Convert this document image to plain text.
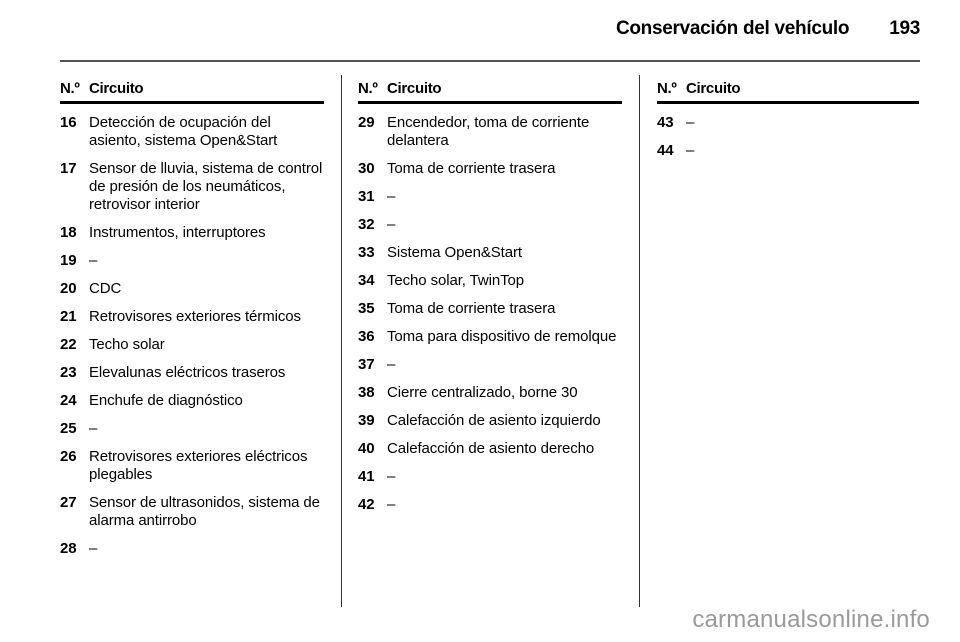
Conservación del vehículo 193
N.º Circuito
16 Detección de ocupación del asiento, sistema Open&Start
17 Sensor de lluvia, sistema de control de presión de los neumáticos, retrovisor interior
18 Instrumentos, interruptores
19 –
20 CDC
21 Retrovisores exteriores térmicos
22 Techo solar
23 Elevalunas eléctricos traseros
24 Enchufe de diagnóstico
25 –
26 Retrovisores exteriores eléctricos plegables
27 Sensor de ultrasonidos, sistema de alarma antirrobo
28 –
N.º Circuito
29 Encendedor, toma de corriente delantera
30 Toma de corriente trasera
31 –
32 –
33 Sistema Open&Start
34 Techo solar, TwinTop
35 Toma de corriente trasera
36 Toma para dispositivo de remolque
37 –
38 Cierre centralizado, borne 30
39 Calefacción de asiento izquierdo
40 Calefacción de asiento derecho
41 –
42 –
N.º Circuito
43 –
44 –
carmanualsonline.info
